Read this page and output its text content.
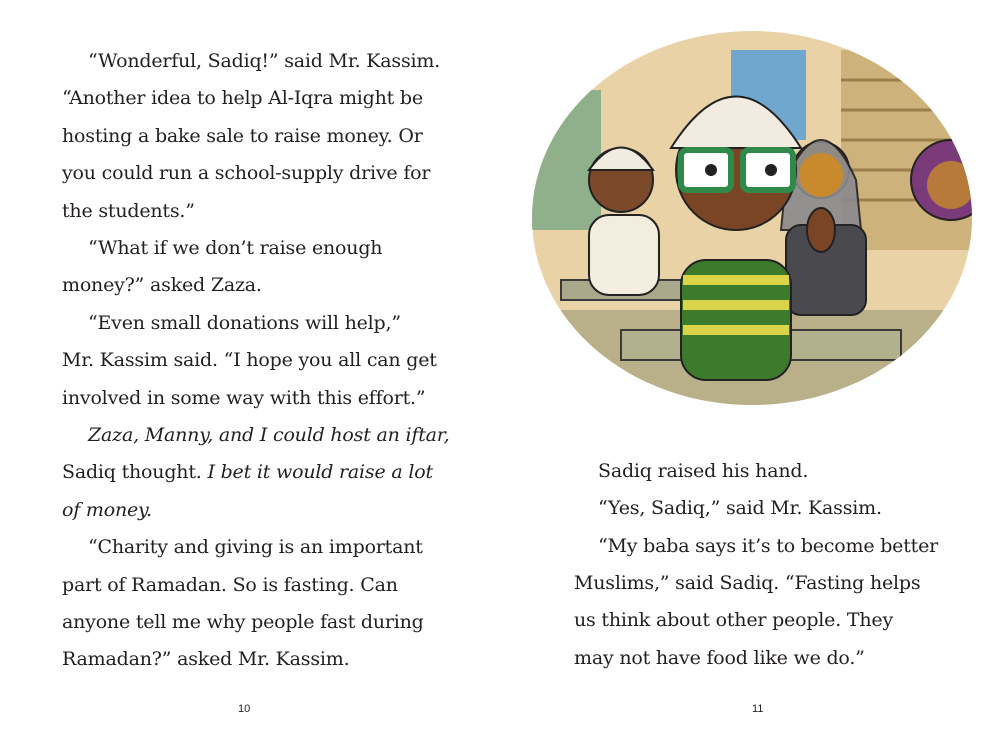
“Wonderful, Sadiq!” said Mr. Kassim.
“Another idea to help Al-Iqra might be
hosting a bake sale to raise money. Or
you could run a school-supply drive for
the students.”
“What if we don’t raise enough
money?” asked Zaza.
“Even small donations will help,”
Mr. Kassim said. “I hope you all can get
involved in some way with this effort.”
Zaza, Manny, and I could host an iftar,
Sadiq thought. I bet it would raise a lot
of money.
“Charity and giving is an important
part of Ramadan. So is fasting. Can
anyone tell me why people fast during
Ramadan?” asked Mr. Kassim.
10
Sadiq raised his hand.
“Yes, Sadiq,” said Mr. Kassim.
“My baba says it’s to become better
Muslims,” said Sadiq. “Fasting helps
us think about other people. They
may not have food like we do.”
11
